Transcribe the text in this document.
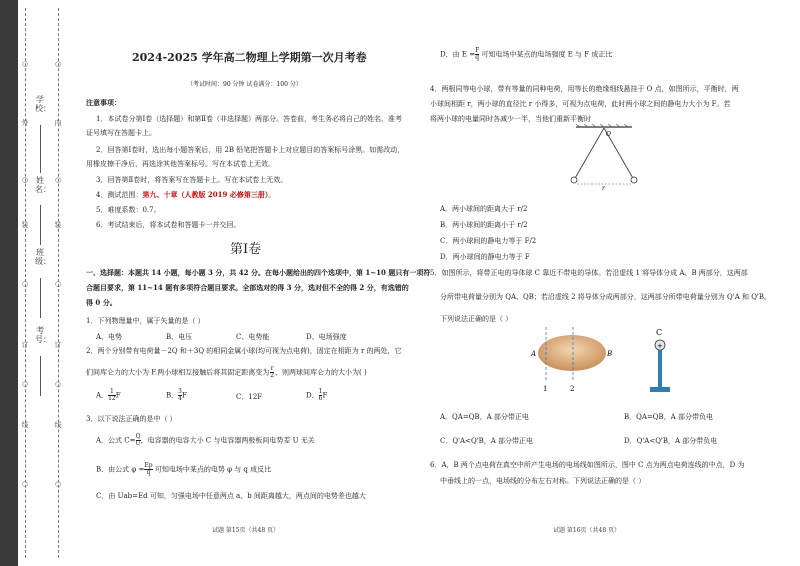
○
外
○
装
○
订
○
线
○
○
内
○
装
○
订
○
线
○
学校：
姓名：
班级：
考号：

2024-2025 学年高二物理上学期第一次月考卷

（考试时间：90 分钟 试卷满分：100 分）

注意事项：

1．本试卷分第Ⅰ卷（选择题）和第Ⅱ卷（非选择题）两部分。答卷前，考生务必将自己的姓名、准考

证号填写在答题卡上。

2．回答第Ⅰ卷时，选出每小题答案后，用 2B 铅笔把答题卡上对应题目的答案标号涂黑。如需改动，

用橡皮擦干净后，再选涂其他答案标号。写在本试卷上无效。

3．回答第Ⅱ卷时，将答案写在答题卡上。写在本试卷上无效。

4．测试范围：第九、十章（人教版 2019 必修第三册）。

5．难度系数：0.7。

6．考试结束后，将本试卷和答题卡一并交回。

第Ⅰ卷

一、选择题：本题共 14 小题，每小题 3 分，共 42 分。在每小题给出的四个选项中，第 1~10 题只有一项符

合题目要求，第 11~14 题有多项符合题目要求。全部选对的得 3 分，选对但不全的得 2 分，有选错的

得 0 分。

1．下列物理量中，属于矢量的是（ ）

A、电势	B、电压	C、电势能	D、电场强度

2．两个分别带有电荷量－2Q 和＋3Q 的相同金属小球(均可视为点电荷)，固定在相距为 r 的两处，它

们间库仑力的大小为 F.两小球相互接触后将其固定距离变为 $\frac{r}{2}$ ，则两球间库仑力的大小为( )

A． $\frac{1}{12}$ F	B． $\frac{3}{4}$ F	C．12F	D． $\frac{1}{6}$ F

3．以下说法正确的是中（ ）

A．公式 $C= \frac{Q}{U}$ ，电容器的电容大小 C 与电容器两极板间电势差 U 无关

B．由公式 $\varphi = \frac{Ep}{q}$ 可知电场中某点的电势 φ 与 q 成反比

C．由 Uab=Ed 可知，匀强电场中任意两点 a、b 间距离越大，两点间的电势差也越大

试题 第15页（共48 页）

D．由 $E = \frac{F}{q}$ 可知电场中某点的电场强度 E 与 F 成正比

4．两根同等电小球，带有等量的同种电荷，用等长的绝缘细线悬挂于 O 点，如图所示，平衡时，两

小球间相距 r，两小球的直径比 r 小得多，可视为点电荷，此时两小球之间的静电力大小为 F。若

将两小球的电量同时各减少一半，当他们重新平衡时

O
r

A．两小球间的距离大于 r/2

B．两小球间的距离小于 r/2

C．两小球间的静电力等于 F/2

D．两小球间的静电力等于 F

5．如图所示，将带正电的导体球 C 靠近不带电的导体。若沿虚线 1 将导体分成 A、B 两部分，这两部

分所带电荷量分别为 QA、QB；若沿虚线 2 将导体分成两部分，这两部分所带电荷量分别为 Q'A 和 Q'B。

下列说法正确的是（ ）

A	B
1	2
C
+

A．QA=QB，A 部分带正电	B．QA=QB，A 部分带负电

C．Q'A<Q'B，A 部分带正电	D．Q'A<Q'B，A 部分带负电

6．A，B 两个点电荷在真空中所产生电场的电场线如图所示，图中 C 点为两点电荷连线的中点，D 为

中垂线上的一点，电场线的分布左右对称。下列说法正确的是（ ）

试题 第16页（共48 页）
